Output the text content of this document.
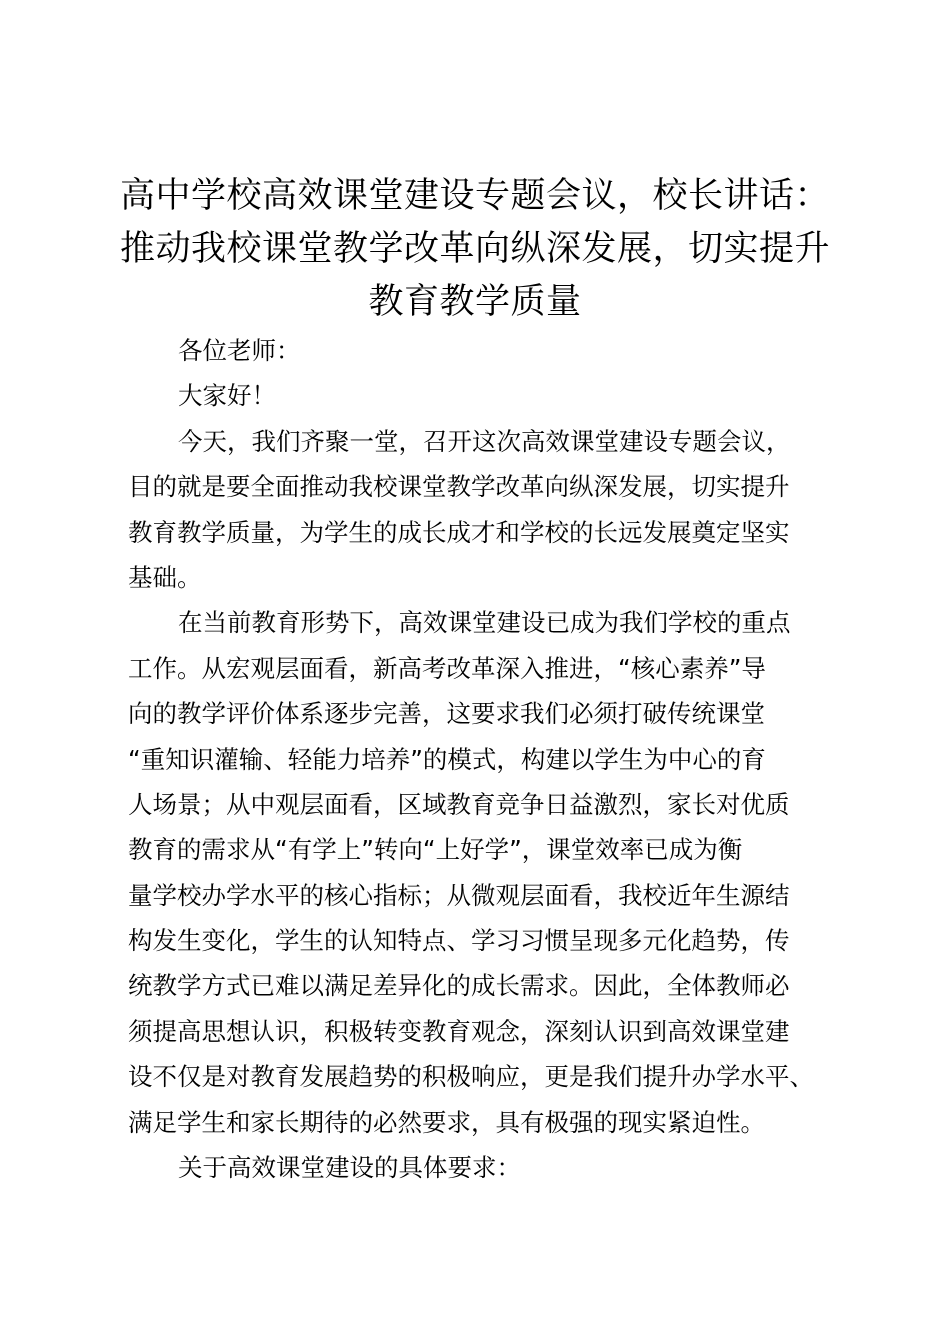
高中学校高效课堂建设专题会议，校长讲话：
推动我校课堂教学改革向纵深发展，切实提升
教育教学质量
各位老师：
大家好！
今天，我们齐聚一堂，召开这次高效课堂建设专题会议，
目的就是要全面推动我校课堂教学改革向纵深发展，切实提升
教育教学质量，为学生的成长成才和学校的长远发展奠定坚实
基础。
在当前教育形势下，高效课堂建设已成为我们学校的重点
工作。从宏观层面看，新高考改革深入推进，“核心素养”导
向的教学评价体系逐步完善，这要求我们必须打破传统课堂
“重知识灌输、轻能力培养”的模式，构建以学生为中心的育
人场景；从中观层面看，区域教育竞争日益激烈，家长对优质
教育的需求从“有学上”转向“上好学”，课堂效率已成为衡
量学校办学水平的核心指标；从微观层面看，我校近年生源结
构发生变化，学生的认知特点、学习习惯呈现多元化趋势，传
统教学方式已难以满足差异化的成长需求。因此，全体教师必
须提高思想认识，积极转变教育观念，深刻认识到高效课堂建
设不仅是对教育发展趋势的积极响应，更是我们提升办学水平、
满足学生和家长期待的必然要求，具有极强的现实紧迫性。
关于高效课堂建设的具体要求：
